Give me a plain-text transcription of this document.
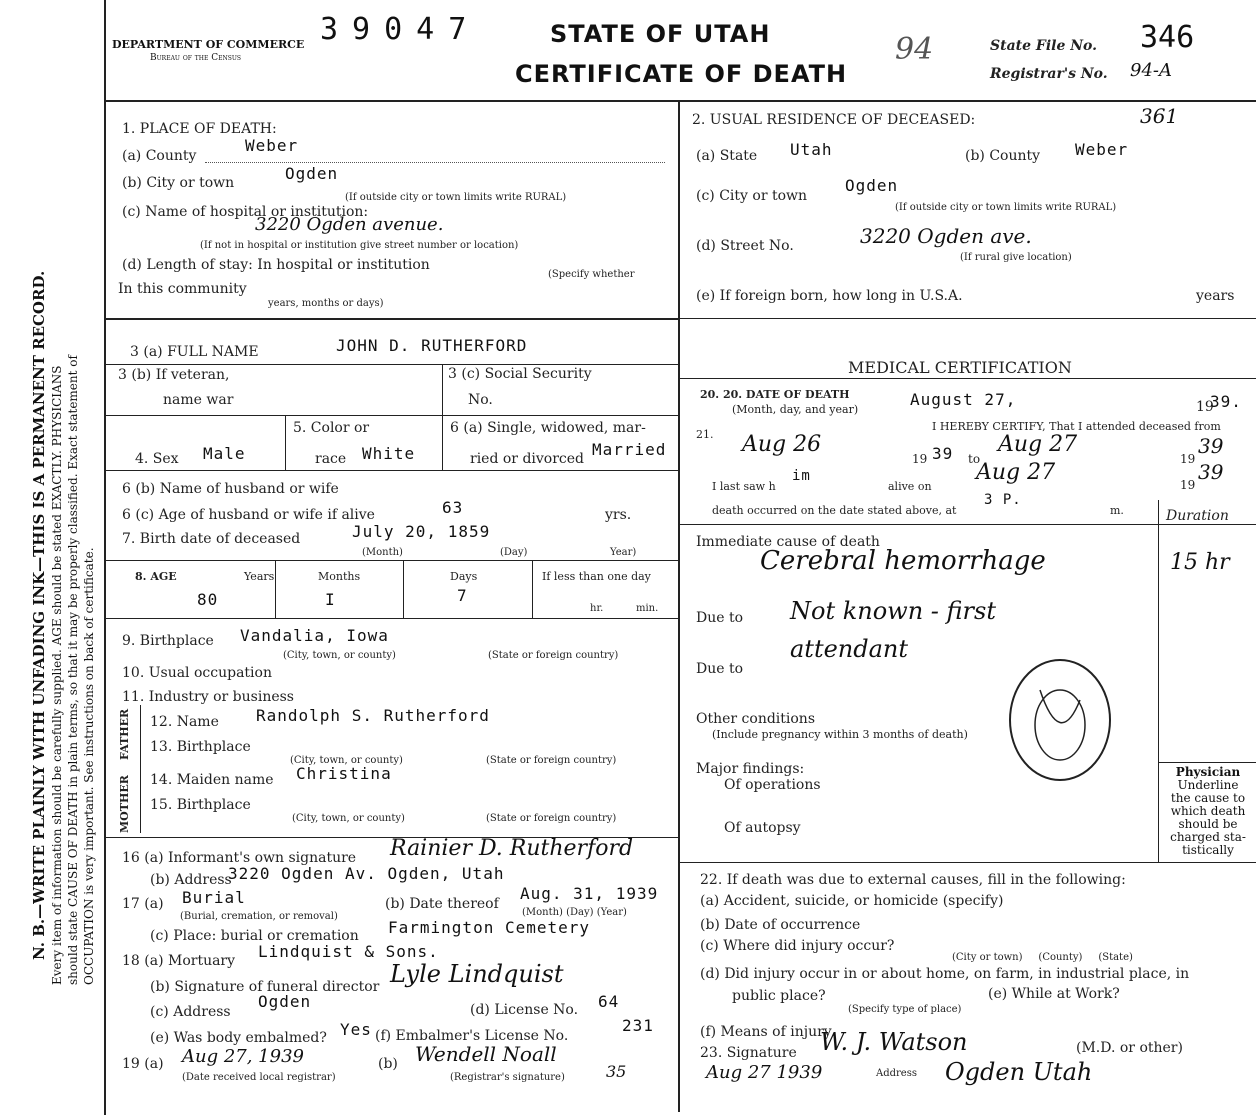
N. B.—WRITE PLAINLY WITH UNFADING INK—THIS IS A PERMANENT RECORD. Every item of information should be carefully supplied. AGE should be stated EXACTLY. PHYSICIANS should state CAUSE OF DEATH in plain terms, so that it may be properly classified. Exact statement of OCCUPATION is very important. See instructions on back of certificate.
39047
DEPARTMENT OF COMMERCE
Bureau of the Census
STATE OF UTAH
CERTIFICATE OF DEATH
94	State File No. 346
Registrar's No. 94-A
1. PLACE OF DEATH:
(a) County
Weber
(b) City or town	Ogden
(If outside city or town limits write RURAL)
(c) Name of hospital or institution:
3220 Ogden avenue.
(If not in hospital or institution give street number or location)
(d) Length of stay: In hospital or institution
(Specify whether
In this community
years, months or days)
2. USUAL RESIDENCE OF DECEASED:	361
(a) State Utah	(b) County Weber
(c) City or town
Ogden
(If outside city or town limits write RURAL)
(d) Street No.	3220 Ogden ave.
(If rural give location)
(e) If foreign born, how long in U.S.A.	years
3 (a) FULL NAME	JOHN D. RUTHERFORD
3 (b) If veteran,
name war
3 (c) Social Security
No.
4. Sex Male
5. Color or
race White
6 (a) Single, widowed, mar-
ried or divorced Married
6 (b) Name of husband or wife
6 (c) Age of husband or wife if alive	63	yrs.
7. Birth date of deceased	July 20, 1859
(Month)	(Day)	Year)
8. AGE	Years	Months	Days	If less than one day
80	I	7
hr.	min.
9. Birthplace Vandalia, Iowa
(City, town, or county)	(State or foreign country)
10. Usual occupation
11. Industry or business
FATHER
MOTHER
12. Name Randolph S. Rutherford
13. Birthplace
(City, town, or county)	(State or foreign country)
14. Maiden name Christina
15. Birthplace
(City, town, or county)	(State or foreign country)
16 (a) Informant's own signature Rainier D. Rutherford
(b) Address
3220 Ogden Av. Ogden, Utah
17 (a) Burial
(Burial, cremation, or removal)
(b) Date thereof
Aug. 31, 1939
(Month) (Day) (Year)
(c) Place: burial or cremation Farmington Cemetery
18 (a) Mortuary Lindquist & Sons.
(b) Signature of funeral director Lyle Lindquist
(c) Address
Ogden	(d) License No. 64
(e) Was body embalmed? Yes (f) Embalmer's License No.
231
19 (a) Aug 27, 1939
(Date received local registrar)
(b) Wendell Noall
(Registrar's signature)	35
MEDICAL CERTIFICATION
20. 20. DATE OF DEATH
(Month, day, and year)
August 27,	19
39.
21.
I HEREBY CERTIFY, That I attended deceased from
Aug 26
19 39 to
Aug 27
19
39
I last saw h
im
alive on
Aug 27	19
39
death occurred on the date stated above, at
3 P.
m.
Immediate cause of death
Cerebral hemorrhage
Duration
15 hr
Due to Not known - first attendant
Due to
Other conditions
(Include pregnancy within 3 months of death)
Major findings:
Of operations
Of autopsy
Physician
Underline
the cause to
which death
should be
charged sta-
tistically
22. If death was due to external causes, fill in the following:
(a) Accident, suicide, or homicide (specify)
(b) Date of occurrence
(c) Where did injury occur?
(City or town)     (County)     (State)
(d) Did injury occur in or about home, on farm, in industrial place, in
public place?
(Specify type of place)
(e) While at Work?
(f) Means of injury
23. Signature W. J. Watson	(M.D. or other)
Aug 27 1939	Address Ogden Utah
